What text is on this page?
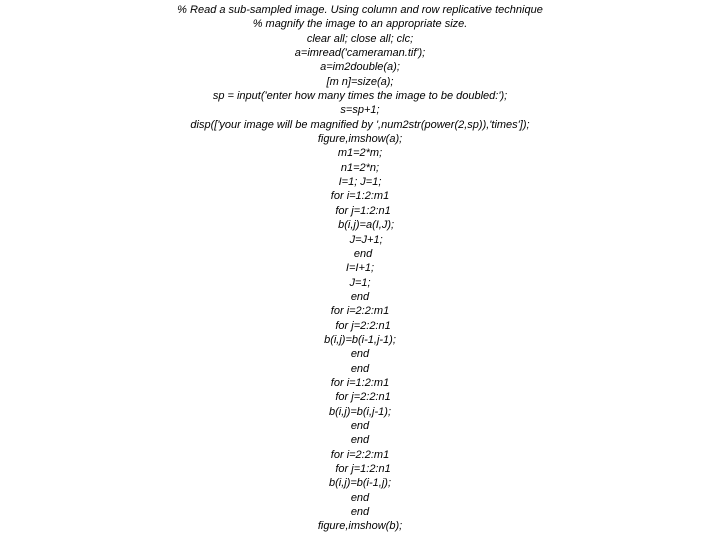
% Read a sub-sampled image. Using column and row replicative technique
% magnify the image to an appropriate size.
clear all; close all; clc;
a=imread('cameraman.tif');
a=im2double(a);
[m n]=size(a);
sp = input('enter how many times the image to be doubled:');
s=sp+1;
disp(['your image will be magnified by ',num2str(power(2,sp)),'times']);
figure,imshow(a);
m1=2*m;
n1=2*n;
I=1; J=1;
for i=1:2:m1
for j=1:2:n1
b(i,j)=a(I,J);
J=J+1;
end
I=I+1;
J=1;
end
for i=2:2:m1
for j=2:2:n1
b(i,j)=b(i-1,j-1);
end
end
for i=1:2:m1
for j=2:2:n1
b(i,j)=b(i,j-1);
end
end
for i=2:2:m1
for j=1:2:n1
b(i,j)=b(i-1,j);
end
end
figure,imshow(b);
